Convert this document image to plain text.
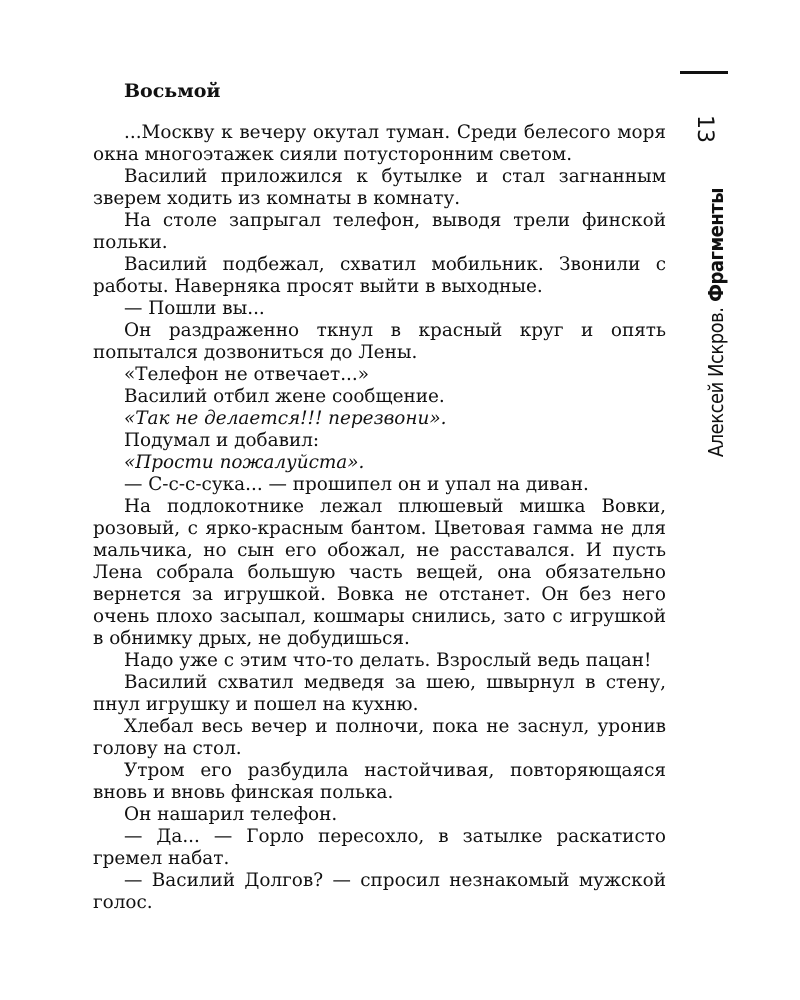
13
Алексей Искров. Фрагменты
Восьмой

...Москву к вечеру окутал туман. Среди белесого моря окна многоэтажек сияли потусторонним светом.

Василий приложился к бутылке и стал загнанным зверем ходить из комнаты в комнату.

На столе запрыгал телефон, выводя трели финской польки.

Василий подбежал, схватил мобильник. Звонили с работы. Наверняка просят выйти в выходные.

— Пошли вы...

Он раздраженно ткнул в красный круг и опять попытался дозвониться до Лены.

«Телефон не отвечает...»

Василий отбил жене сообщение.

«Так не делается!!! перезвони».

Подумал и добавил:

«Прости пожалуйста».

— С-с-с-сука... — прошипел он и упал на диван.

На подлокотнике лежал плюшевый мишка Вовки, розовый, с ярко-красным бантом. Цветовая гамма не для мальчика, но сын его обожал, не расставался. И пусть Лена собрала большую часть вещей, она обязательно вернется за игрушкой. Вовка не отстанет. Он без него очень плохо засыпал, кошмары снились, зато с игрушкой в обнимку дрых, не добудишься.

Надо уже с этим что-то делать. Взрослый ведь пацан!

Василий схватил медведя за шею, швырнул в стену, пнул игрушку и пошел на кухню.

Хлебал весь вечер и полночи, пока не заснул, уронив голову на стол.

Утром его разбудила настойчивая, повторяющаяся вновь и вновь финская полька.

Он нашарил телефон.

— Да... — Горло пересохло, в затылке раскатисто гремел набат.

— Василий Долгов? — спросил незнакомый мужской голос.
